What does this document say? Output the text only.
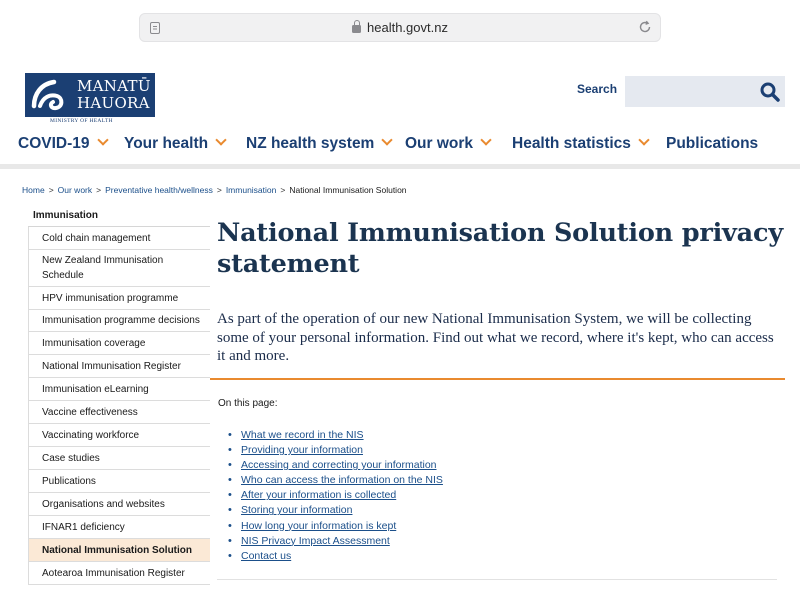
health.govt.nz
MANATŪ
HAUORA
MINISTRY OF HEALTH
Search
COVID-19	Your health	NZ health system	Our work	Health statistics	Publications
Home > Our work > Preventative health/wellness > Immunisation > National Immunisation Solution
Immunisation
Cold chain management
New Zealand Immunisation Schedule
HPV immunisation programme
Immunisation programme decisions
Immunisation coverage
National Immunisation Register
Immunisation eLearning
Vaccine effectiveness
Vaccinating workforce
Case studies
Publications
Organisations and websites
IFNAR1 deficiency
National Immunisation Solution
Aotearoa Immunisation Register
National Immunisation Solution privacy statement

As part of the operation of our new National Immunisation System, we will be collecting some of your personal information. Find out what we record, where it's kept, who can access it and more.

On this page:
• What we record in the NIS
• Providing your information
• Accessing and correcting your information
• Who can access the information on the NIS
• After your information is collected
• Storing your information
• How long your information is kept
• NIS Privacy Impact Assessment
• Contact us
